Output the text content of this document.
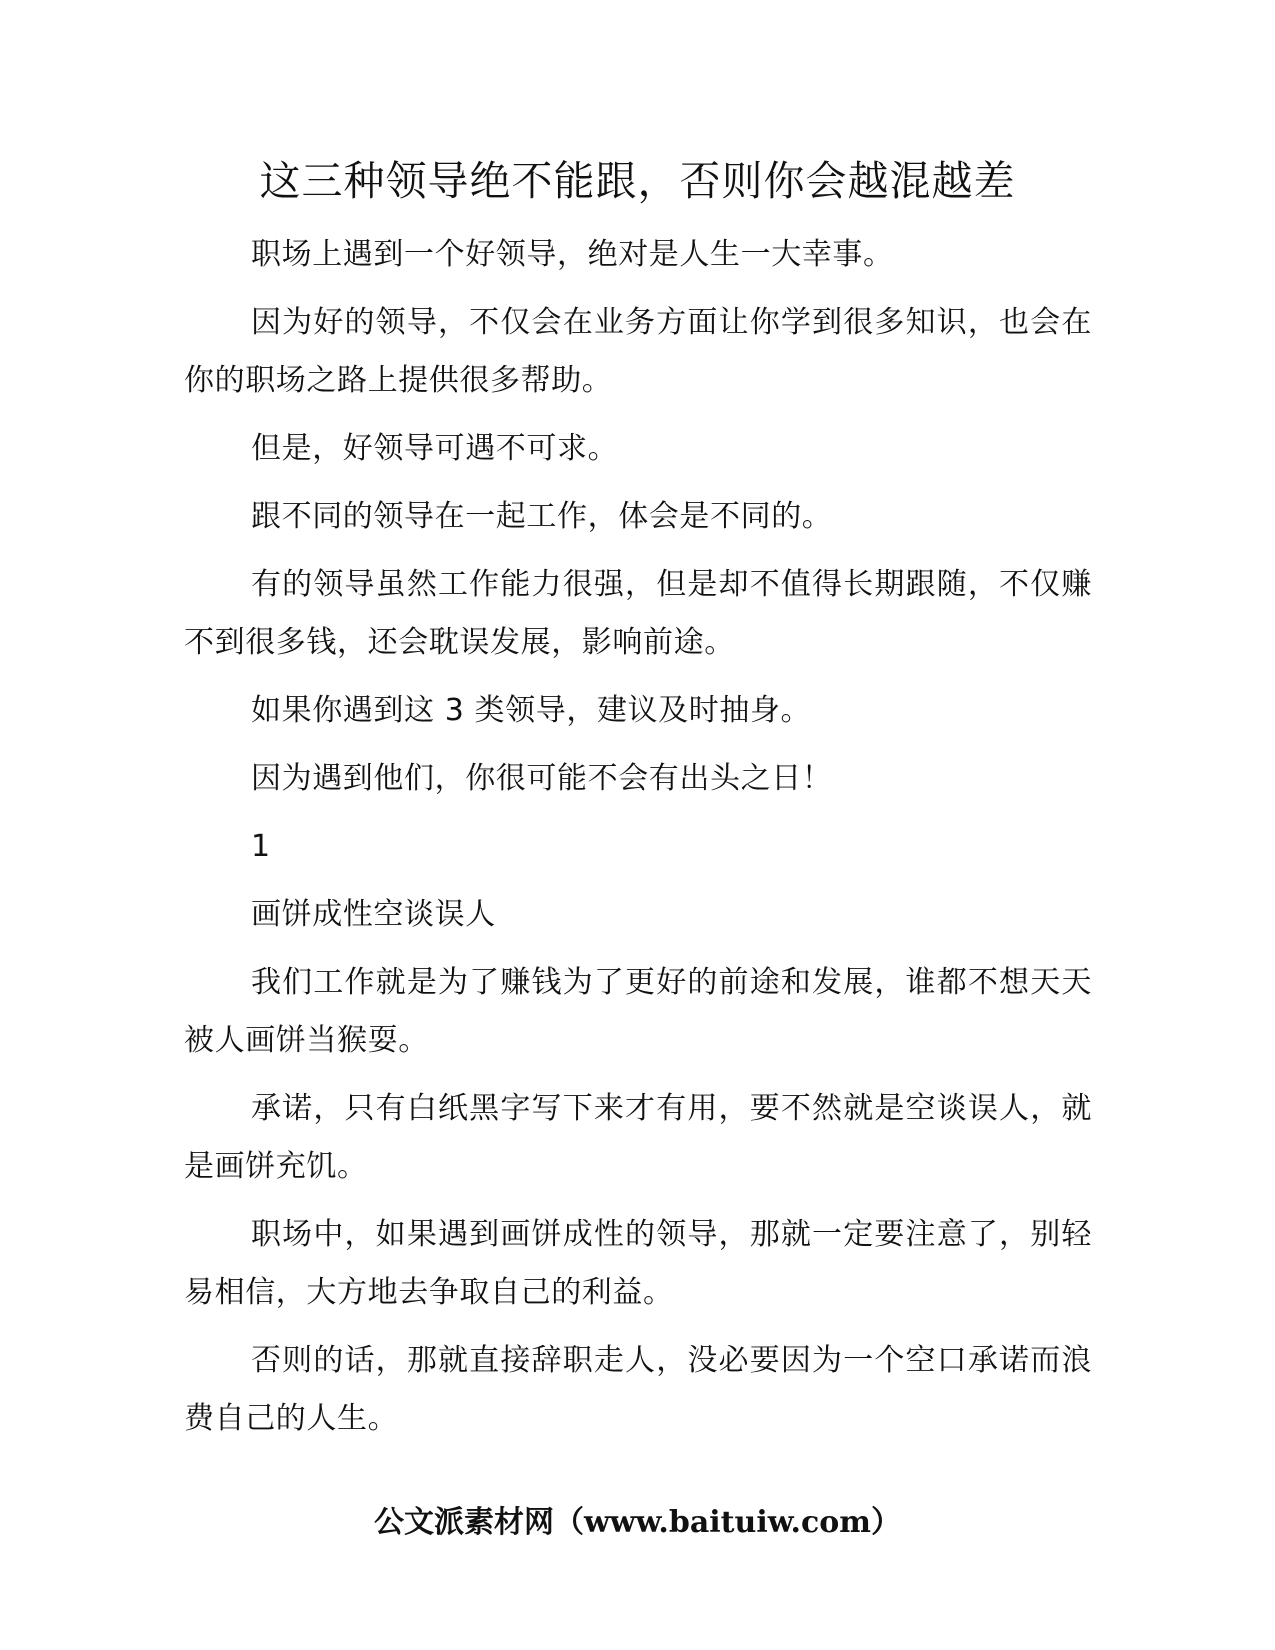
这三种领导绝不能跟，否则你会越混越差

职场上遇到一个好领导，绝对是人生一大幸事。

因为好的领导，不仅会在业务方面让你学到很多知识，也会在你的职场之路上提供很多帮助。

但是，好领导可遇不可求。

跟不同的领导在一起工作，体会是不同的。

有的领导虽然工作能力很强，但是却不值得长期跟随，不仅赚不到很多钱，还会耽误发展，影响前途。

如果你遇到这 3 类领导，建议及时抽身。

因为遇到他们，你很可能不会有出头之日！

1

画饼成性空谈误人

我们工作就是为了赚钱为了更好的前途和发展，谁都不想天天被人画饼当猴耍。

承诺，只有白纸黑字写下来才有用，要不然就是空谈误人，就是画饼充饥。

职场中，如果遇到画饼成性的领导，那就一定要注意了，别轻易相信，大方地去争取自己的利益。

否则的话，那就直接辞职走人，没必要因为一个空口承诺而浪费自己的人生。

公文派素材网（www.baituiw.com）
